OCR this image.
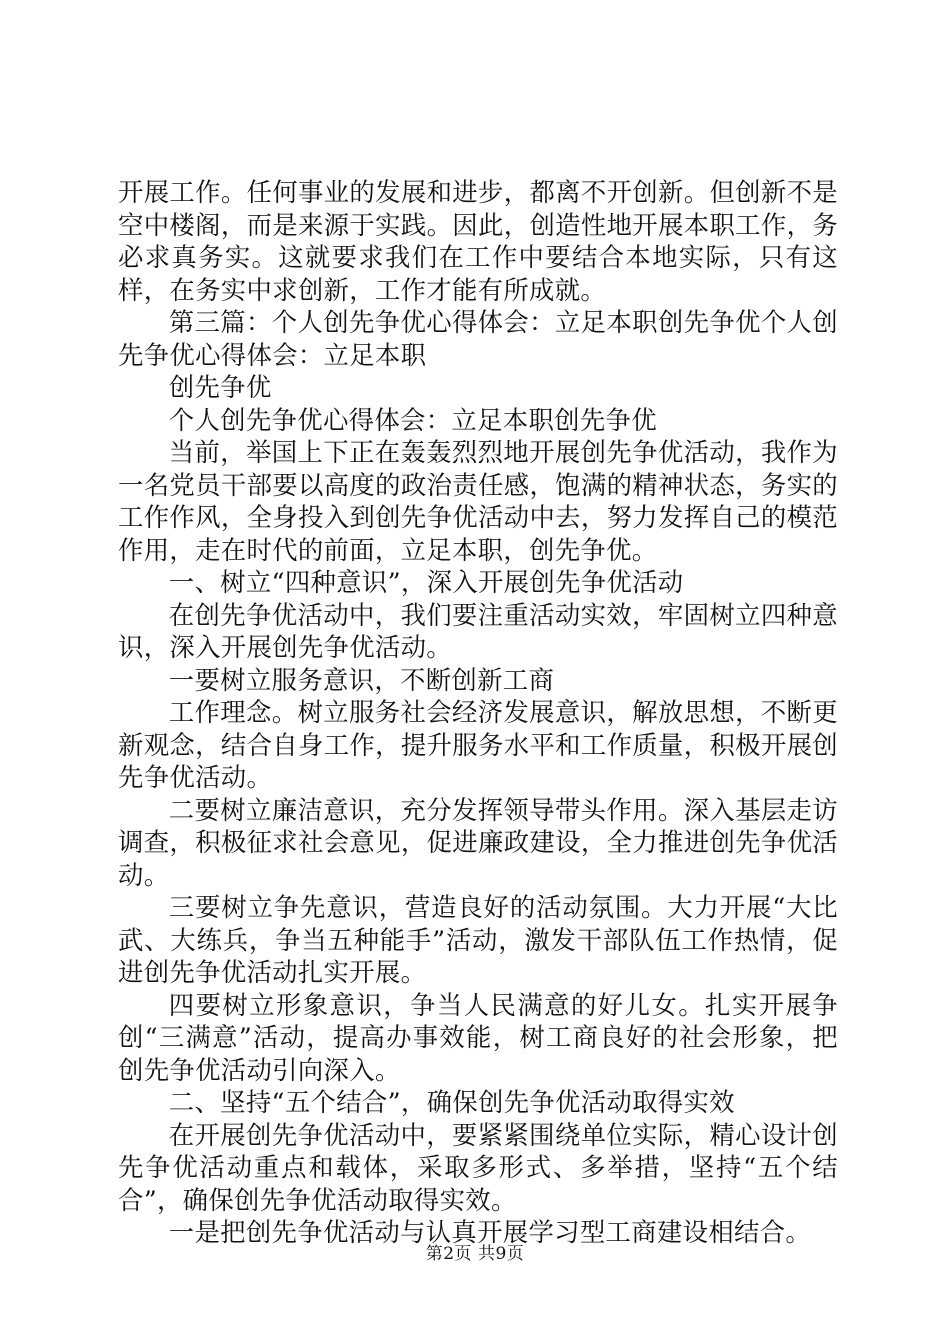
开展工作。任何事业的发展和进步，都离不开创新。但创新不是空中楼阁，而是来源于实践。因此，创造性地开展本职工作，务必求真务实。这就要求我们在工作中要结合本地实际，只有这样，在务实中求创新，工作才能有所成就。

第三篇：个人创先争优心得体会：立足本职创先争优个人创先争优心得体会：立足本职

创先争优

个人创先争优心得体会：立足本职创先争优

当前，举国上下正在轰轰烈烈地开展创先争优活动，我作为一名党员干部要以高度的政治责任感，饱满的精神状态，务实的工作作风，全身投入到创先争优活动中去，努力发挥自己的模范作用，走在时代的前面，立足本职，创先争优。

一、树立“四种意识”，深入开展创先争优活动

在创先争优活动中，我们要注重活动实效，牢固树立四种意识，深入开展创先争优活动。

一要树立服务意识，不断创新工商

工作理念。树立服务社会经济发展意识，解放思想，不断更新观念，结合自身工作，提升服务水平和工作质量，积极开展创先争优活动。

二要树立廉洁意识，充分发挥领导带头作用。深入基层走访调查，积极征求社会意见，促进廉政建设，全力推进创先争优活动。

三要树立争先意识，营造良好的活动氛围。大力开展“大比武、大练兵，争当五种能手”活动，激发干部队伍工作热情，促进创先争优活动扎实开展。

四要树立形象意识，争当人民满意的好儿女。扎实开展争创“三满意”活动，提高办事效能，树工商良好的社会形象，把创先争优活动引向深入。

二、坚持“五个结合”，确保创先争优活动取得实效

在开展创先争优活动中，要紧紧围绕单位实际，精心设计创先争优活动重点和载体，采取多形式、多举措，坚持“五个结合”，确保创先争优活动取得实效。

一是把创先争优活动与认真开展学习型工商建设相结合。

第2页 共9页
